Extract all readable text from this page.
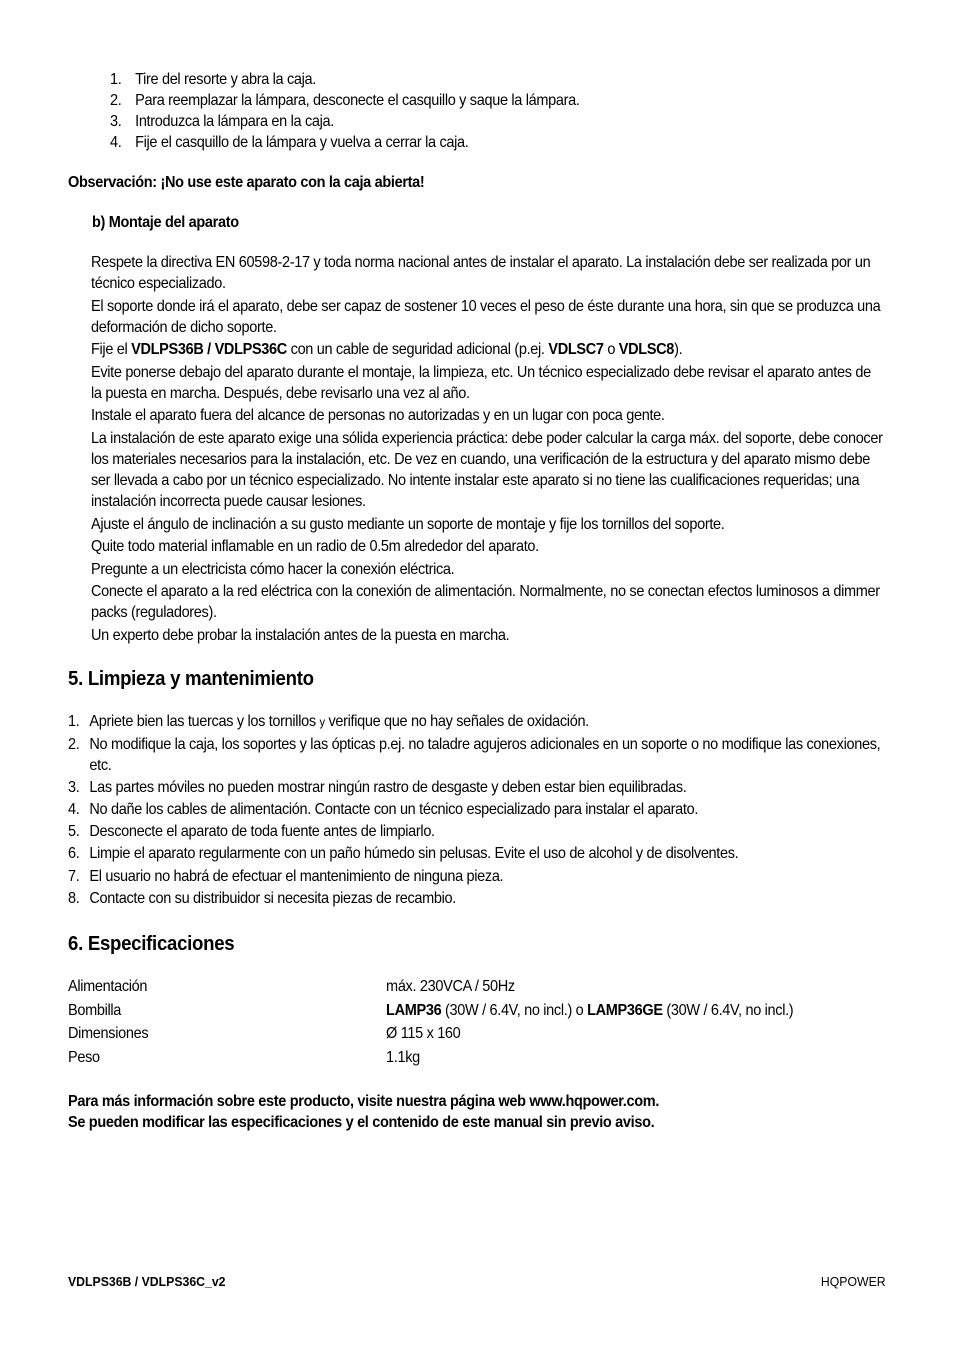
1. Tire del resorte y abra la caja.
2. Para reemplazar la lámpara, desconecte el casquillo y saque la lámpara.
3. Introduzca la lámpara en la caja.
4. Fije el casquillo de la lámpara y vuelva a cerrar la caja.
Observación: ¡No use este aparato con la caja abierta!
b) Montaje del aparato

Respete la directiva EN 60598-2-17 y toda norma nacional antes de instalar el aparato. La instalación debe ser realizada por un técnico especializado.

El soporte donde irá el aparato, debe ser capaz de sostener 10 veces el peso de éste durante una hora, sin que se produzca una deformación de dicho soporte.

Fije el VDLPS36B / VDLPS36C con un cable de seguridad adicional (p.ej. VDLSC7 o VDLSC8).

Evite ponerse debajo del aparato durante el montaje, la limpieza, etc. Un técnico especializado debe revisar el aparato antes de la puesta en marcha. Después, debe revisarlo una vez al año.

Instale el aparato fuera del alcance de personas no autorizadas y en un lugar con poca gente.

La instalación de este aparato exige una sólida experiencia práctica: debe poder calcular la carga máx. del soporte, debe conocer los materiales necesarios para la instalación, etc. De vez en cuando, una verificación de la estructura y del aparato mismo debe ser llevada a cabo por un técnico especializado. No intente instalar este aparato si no tiene las cualificaciones requeridas; una instalación incorrecta puede causar lesiones.

Ajuste el ángulo de inclinación a su gusto mediante un soporte de montaje y fije los tornillos del soporte.

Quite todo material inflamable en un radio de 0.5m alrededor del aparato.

Pregunte a un electricista cómo hacer la conexión eléctrica.

Conecte el aparato a la red eléctrica con la conexión de alimentación. Normalmente, no se conectan efectos luminosos a dimmer packs (reguladores).

Un experto debe probar la instalación antes de la puesta en marcha.

5. Limpieza y mantenimiento
1. Apriete bien las tuercas y los tornillos y verifique que no hay señales de oxidación.
2. No modifique la caja, los soportes y las ópticas p.ej. no taladre agujeros adicionales en un soporte o no modifique las conexiones, etc.
3. Las partes móviles no pueden mostrar ningún rastro de desgaste y deben estar bien equilibradas.
4. No dañe los cables de alimentación. Contacte con un técnico especializado para instalar el aparato.
5. Desconecte el aparato de toda fuente antes de limpiarlo.
6. Limpie el aparato regularmente con un paño húmedo sin pelusas. Evite el uso de alcohol y de disolventes.
7. El usuario no habrá de efectuar el mantenimiento de ninguna pieza.
8. Contacte con su distribuidor si necesita piezas de recambio.
6. Especificaciones
Alimentación	máx. 230VCA / 50Hz
Bombilla	LAMP36 (30W / 6.4V, no incl.) o LAMP36GE (30W / 6.4V, no incl.)
Dimensiones	Ø 115 x 160
Peso	1.1kg
Para más información sobre este producto, visite nuestra página web www.hqpower.com.
Se pueden modificar las especificaciones y el contenido de este manual sin previo aviso.
VDLPS36B / VDLPS36C_v2	HQPOWER
